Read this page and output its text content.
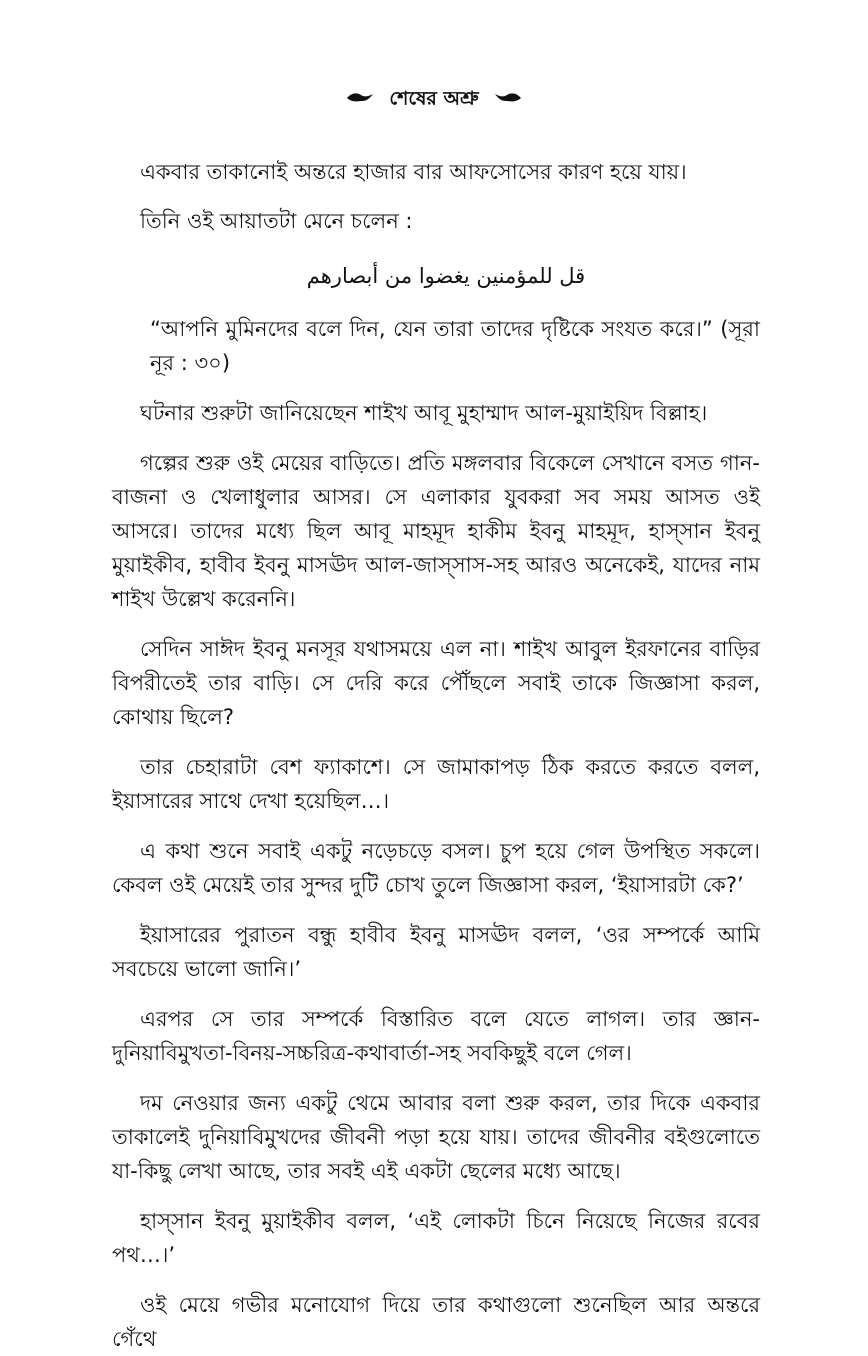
শেষের অশ্রু

একবার তাকানোই অন্তরে হাজার বার আফসোসের কারণ হয়ে যায়।

তিনি ওই আয়াতটা মেনে চলেন :

قل للمؤمنين يغضوا من أبصارهم
“আপনি মুমিনদের বলে দিন, যেন তারা তাদের দৃষ্টিকে সংযত করে।” (সূরা নূর : ৩০)

ঘটনার শুরুটা জানিয়েছেন শাইখ আবূ মুহাম্মাদ আল-মুয়াইয়িদ বিল্লাহ।

গল্পের শুরু ওই মেয়ের বাড়িতে। প্রতি মঙ্গলবার বিকেলে সেখানে বসত গান-বাজনা ও খেলাধুলার আসর। সে এলাকার যুবকরা সব সময় আসত ওই আসরে। তাদের মধ্যে ছিল আবূ মাহমূদ হাকীম ইবনু মাহমূদ, হাস্‌সান ইবনু মুয়াইকীব, হাবীব ইবনু মাসঊদ আল-জাস্‌সাস-সহ আরও অনেকেই, যাদের নাম শাইখ উল্লেখ করেননি।

সেদিন সাঈদ ইবনু মনসূর যথাসময়ে এল না। শাইখ আবুল ইরফানের বাড়ির বিপরীতেই তার বাড়ি। সে দেরি করে পৌঁছলে সবাই তাকে জিজ্ঞাসা করল, কোথায় ছিলে?

তার চেহারাটা বেশ ফ্যাকাশে। সে জামাকাপড় ঠিক করতে করতে বলল, ইয়াসারের সাথে দেখা হয়েছিল…।

এ কথা শুনে সবাই একটু নড়েচড়ে বসল। চুপ হয়ে গেল উপস্থিত সকলে। কেবল ওই মেয়েই তার সুন্দর দুটি চোখ তুলে জিজ্ঞাসা করল, ‘ইয়াসারটা কে?’

ইয়াসারের পুরাতন বন্ধু হাবীব ইবনু মাসঊদ বলল, ‘ওর সম্পর্কে আমি সবচেয়ে ভালো জানি।’

এরপর সে তার সম্পর্কে বিস্তারিত বলে যেতে লাগল। তার জ্ঞান-দুনিয়াবিমুখতা-বিনয়-সচ্চরিত্র-কথাবার্তা-সহ সবকিছুই বলে গেল।

দম নেওয়ার জন্য একটু থেমে আবার বলা শুরু করল, তার দিকে একবার তাকালেই দুনিয়াবিমুখদের জীবনী পড়া হয়ে যায়। তাদের জীবনীর বইগুলোতে যা-কিছু লেখা আছে, তার সবই এই একটা ছেলের মধ্যে আছে।

হাস্‌সান ইবনু মুয়াইকীব বলল, ‘এই লোকটা চিনে নিয়েছে নিজের রবের পথ…।’

ওই মেয়ে গভীর মনোযোগ দিয়ে তার কথাগুলো শুনেছিল আর অন্তরে গেঁথে
